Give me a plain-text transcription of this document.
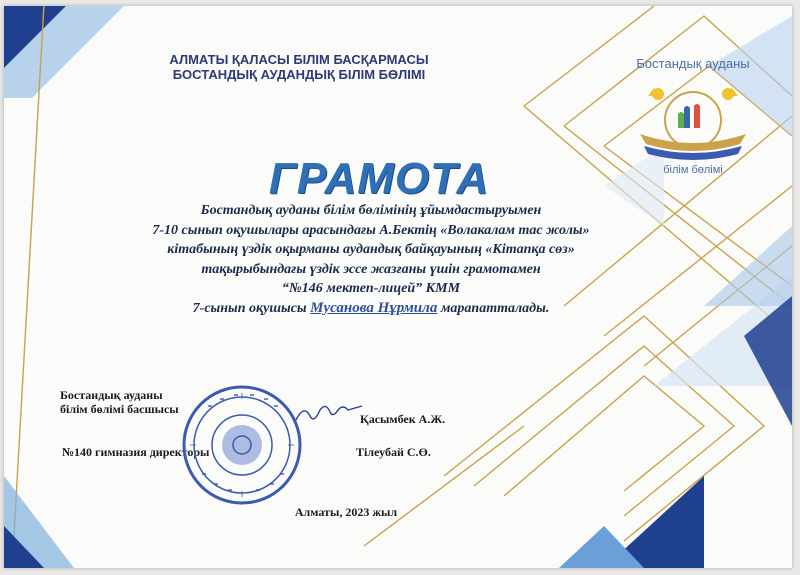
АЛМАТЫ ҚАЛАСЫ БІЛІМ БАСҚАРМАСЫ
БОСТАНДЫҚ АУДАНДЫҚ БІЛІМ БӨЛІМІ
ГРАМОТА
Бостандық ауданы білім бөлімінің ұйымдастыруымен
7-10 сынып оқушылары арасындағы А.Бектің «Волакалам тас жолы»
кітабының үздік оқырманы аудандық байқауының «Кітапқа сөз»
тақырыбындағы үздік эссе жазғаны үшін грамотамен
“№146 мектеп-лицей” КММ
7-сынып оқушысы Мусанова Нұрмила марапатталады.
Бостандық ауданы
білім бөлімі
Бостандық ауданы
білім бөлімі басшысы
№140 гимназия директоры
Қасымбек А.Ж.
Тілеубай С.Ө.
Алматы, 2023 жыл
